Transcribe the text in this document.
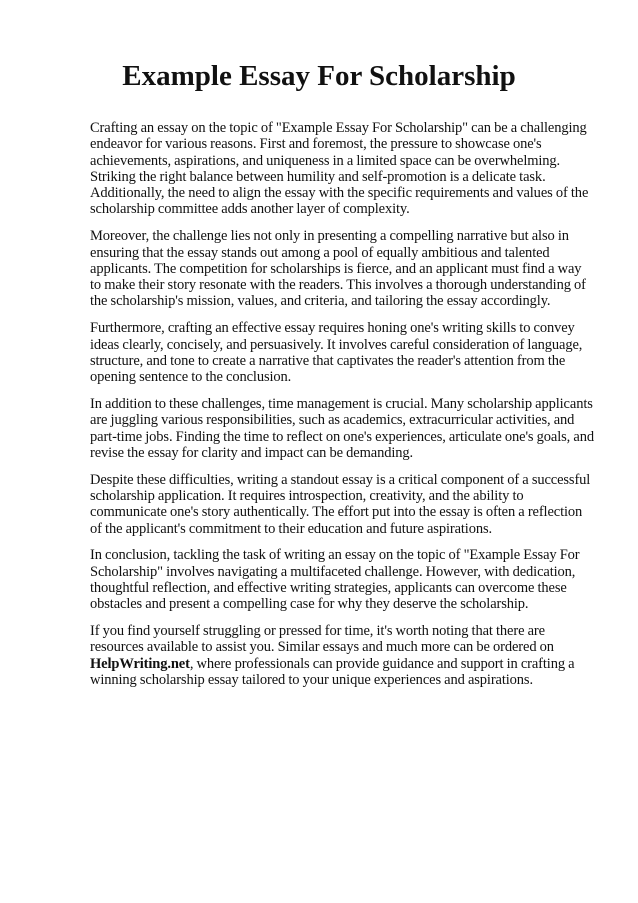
Example Essay For Scholarship

Crafting an essay on the topic of "Example Essay For Scholarship" can be a challenging endeavor for various reasons. First and foremost, the pressure to showcase one's achievements, aspirations, and uniqueness in a limited space can be overwhelming. Striking the right balance between humility and self-promotion is a delicate task. Additionally, the need to align the essay with the specific requirements and values of the scholarship committee adds another layer of complexity.

Moreover, the challenge lies not only in presenting a compelling narrative but also in ensuring that the essay stands out among a pool of equally ambitious and talented applicants. The competition for scholarships is fierce, and an applicant must find a way to make their story resonate with the readers. This involves a thorough understanding of the scholarship's mission, values, and criteria, and tailoring the essay accordingly.

Furthermore, crafting an effective essay requires honing one's writing skills to convey ideas clearly, concisely, and persuasively. It involves careful consideration of language, structure, and tone to create a narrative that captivates the reader's attention from the opening sentence to the conclusion.

In addition to these challenges, time management is crucial. Many scholarship applicants are juggling various responsibilities, such as academics, extracurricular activities, and part-time jobs. Finding the time to reflect on one's experiences, articulate one's goals, and revise the essay for clarity and impact can be demanding.

Despite these difficulties, writing a standout essay is a critical component of a successful scholarship application. It requires introspection, creativity, and the ability to communicate one's story authentically. The effort put into the essay is often a reflection of the applicant's commitment to their education and future aspirations.

In conclusion, tackling the task of writing an essay on the topic of "Example Essay For Scholarship" involves navigating a multifaceted challenge. However, with dedication, thoughtful reflection, and effective writing strategies, applicants can overcome these obstacles and present a compelling case for why they deserve the scholarship.

If you find yourself struggling or pressed for time, it's worth noting that there are resources available to assist you. Similar essays and much more can be ordered on HelpWriting.net, where professionals can provide guidance and support in crafting a winning scholarship essay tailored to your unique experiences and aspirations.
